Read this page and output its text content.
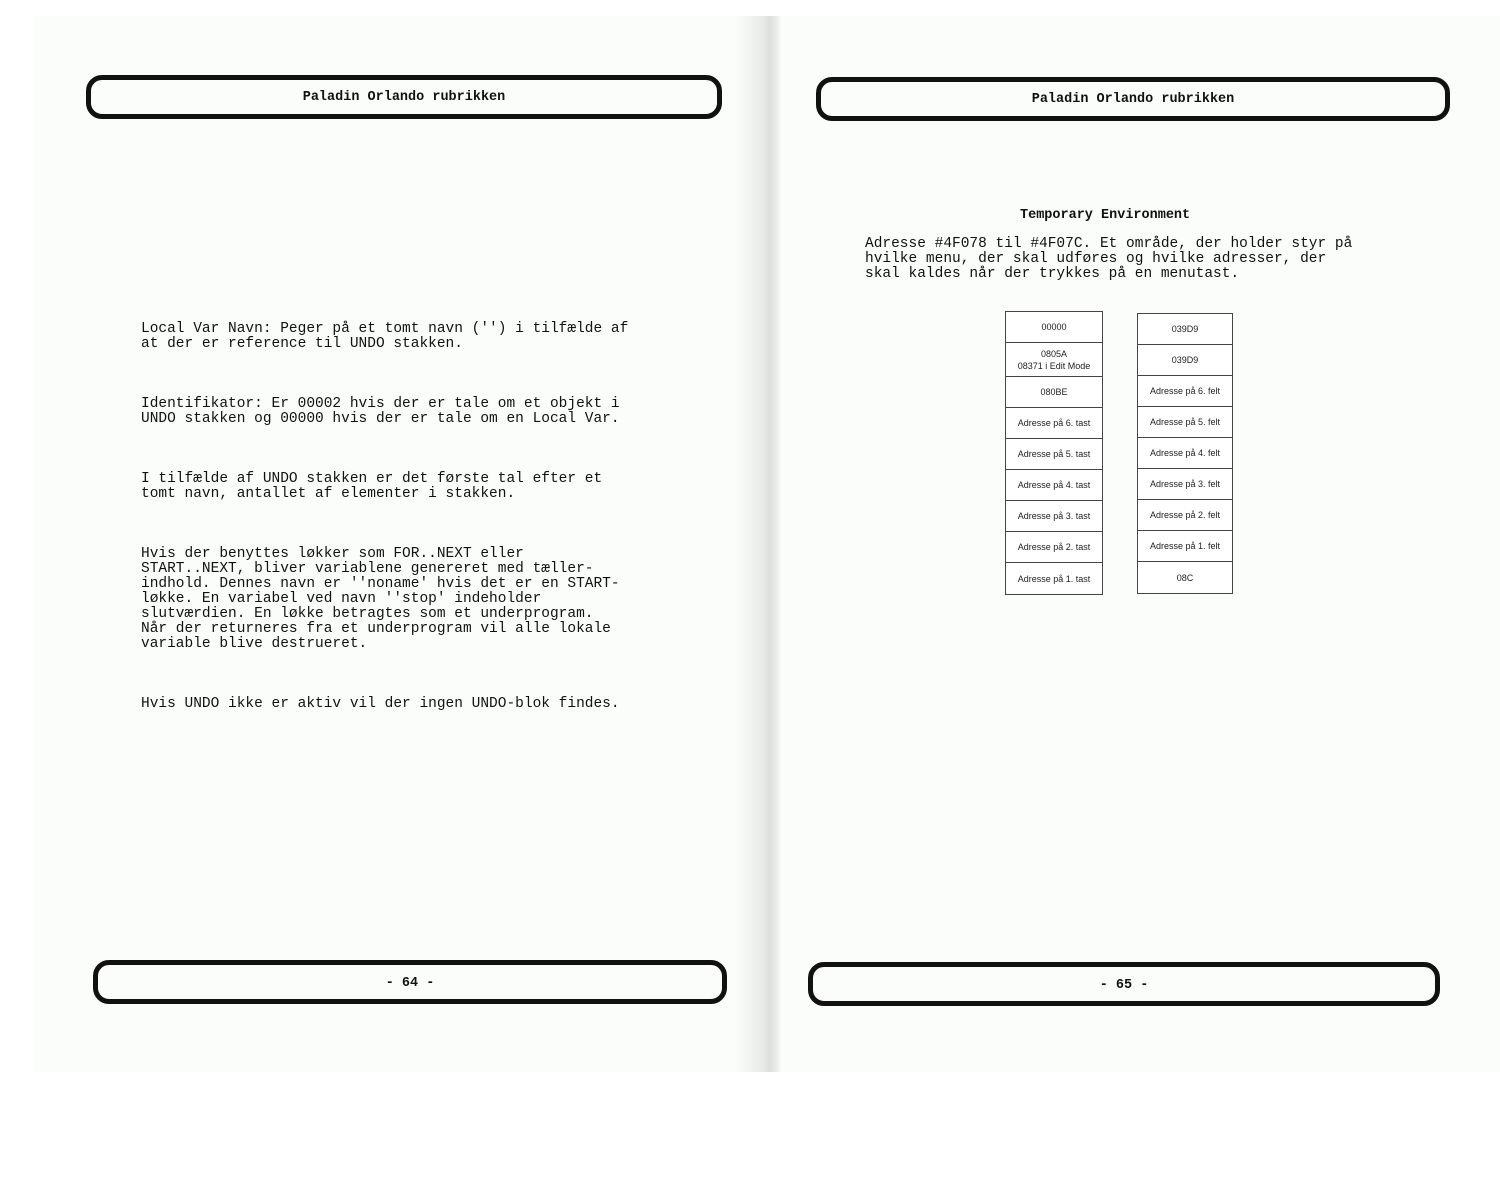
Paladin Orlando rubrikken	Paladin Orlando rubrikken

Local Var Navn: Peger på et tomt navn ('') i tilfælde af
at der er reference til UNDO stakken.

Identifikator: Er 00002 hvis der er tale om et objekt i
UNDO stakken og 00000 hvis der er tale om en Local Var.

I tilfælde af UNDO stakken er det første tal efter et
tomt navn, antallet af elementer i stakken.

Hvis der benyttes løkker som FOR..NEXT eller
START..NEXT, bliver variablene genereret med tæller-
indhold. Dennes navn er ''noname' hvis det er en START-
løkke. En variabel ved navn ''stop' indeholder
slutværdien. En løkke betragtes som et underprogram.
Når der returneres fra et underprogram vil alle lokale
variable blive destrueret.

Hvis UNDO ikke er aktiv vil der ingen UNDO-blok findes.

Temporary Environment
Adresse #4F078 til #4F07C. Et område, der holder styr på
hvilke menu, der skal udføres og hvilke adresser, der
skal kaldes når der trykkes på en menutast.
00000
0805A
08371 i Edit Mode
080BE
Adresse på 6. tast
Adresse på 5. tast
Adresse på 4. tast
Adresse på 3. tast
Adresse på 2. tast
Adresse på 1. tast
039D9
039D9
Adresse på 6. felt
Adresse på 5. felt
Adresse på 4. felt
Adresse på 3. felt
Adresse på 2. felt
Adresse på 1. felt
08C
- 64 -	- 65 -
